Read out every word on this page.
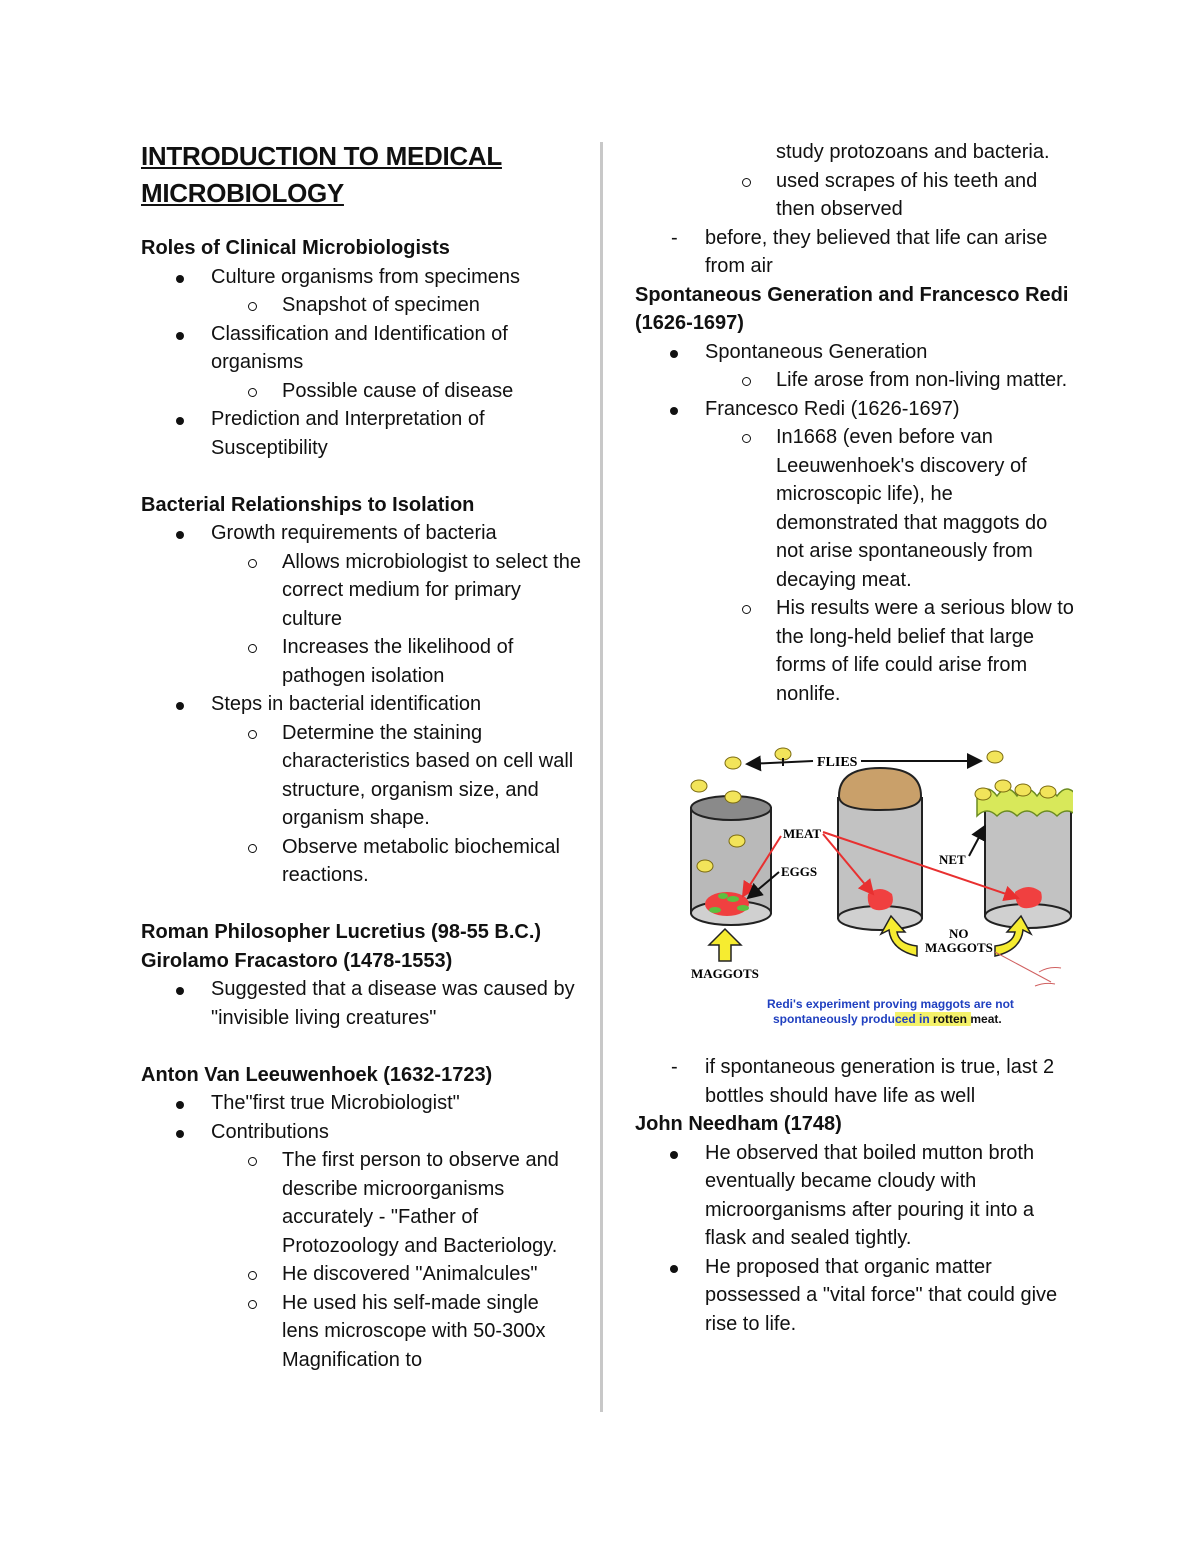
INTRODUCTION TO MEDICAL MICROBIOLOGY

Roles of Clinical Microbiologists

Culture organisms from specimens
Snapshot of specimen
Classification and Identification of organisms
Possible cause of disease
Prediction and Interpretation of Susceptibility

Bacterial Relationships to Isolation

Growth requirements of bacteria
Allows microbiologist to select the correct medium for primary culture
Increases the likelihood of pathogen isolation
Steps in bacterial identification
Determine the staining characteristics based on cell wall structure, organism size, and organism shape.
Observe metabolic biochemical reactions.

Roman Philosopher Lucretius (98-55 B.C.) Girolamo Fracastoro (1478-1553)

Suggested that a disease was caused by "invisible living creatures"

Anton Van Leeuwenhoek (1632-1723)

The"first true Microbiologist"
Contributions
The first person to observe and describe microorganisms accurately - "Father of Protozoology and Bacteriology.
He discovered "Animalcules"
He used his self-made single lens microscope with 50-300x Magnification to
study protozoans and bacteria.
used scrapes of his teeth and then observed
- before, they believed that life can arise from air

Spontaneous Generation and Francesco Redi (1626-1697)

Spontaneous Generation
Life arose from non-living matter.
Francesco Redi (1626-1697)
In1668 (even before van Leeuwenhoek's discovery of microscopic life), he demonstrated that maggots do not arise spontaneously from decaying meat.
His results were a serious blow to the long-held belief that large forms of life could arise from nonlife.
FLIES
MEAT
EGGS
NET
MAGGOTS
NO
MAGGOTS
Redi's experiment proving maggots are not
spontaneously produced in rotten meat.
- if spontaneous generation is true, last 2 bottles should have life as well

John Needham (1748)

He observed that boiled mutton broth eventually became cloudy with microorganisms after pouring it into a flask and sealed tightly.
He proposed that organic matter possessed a "vital force" that could give rise to life.
